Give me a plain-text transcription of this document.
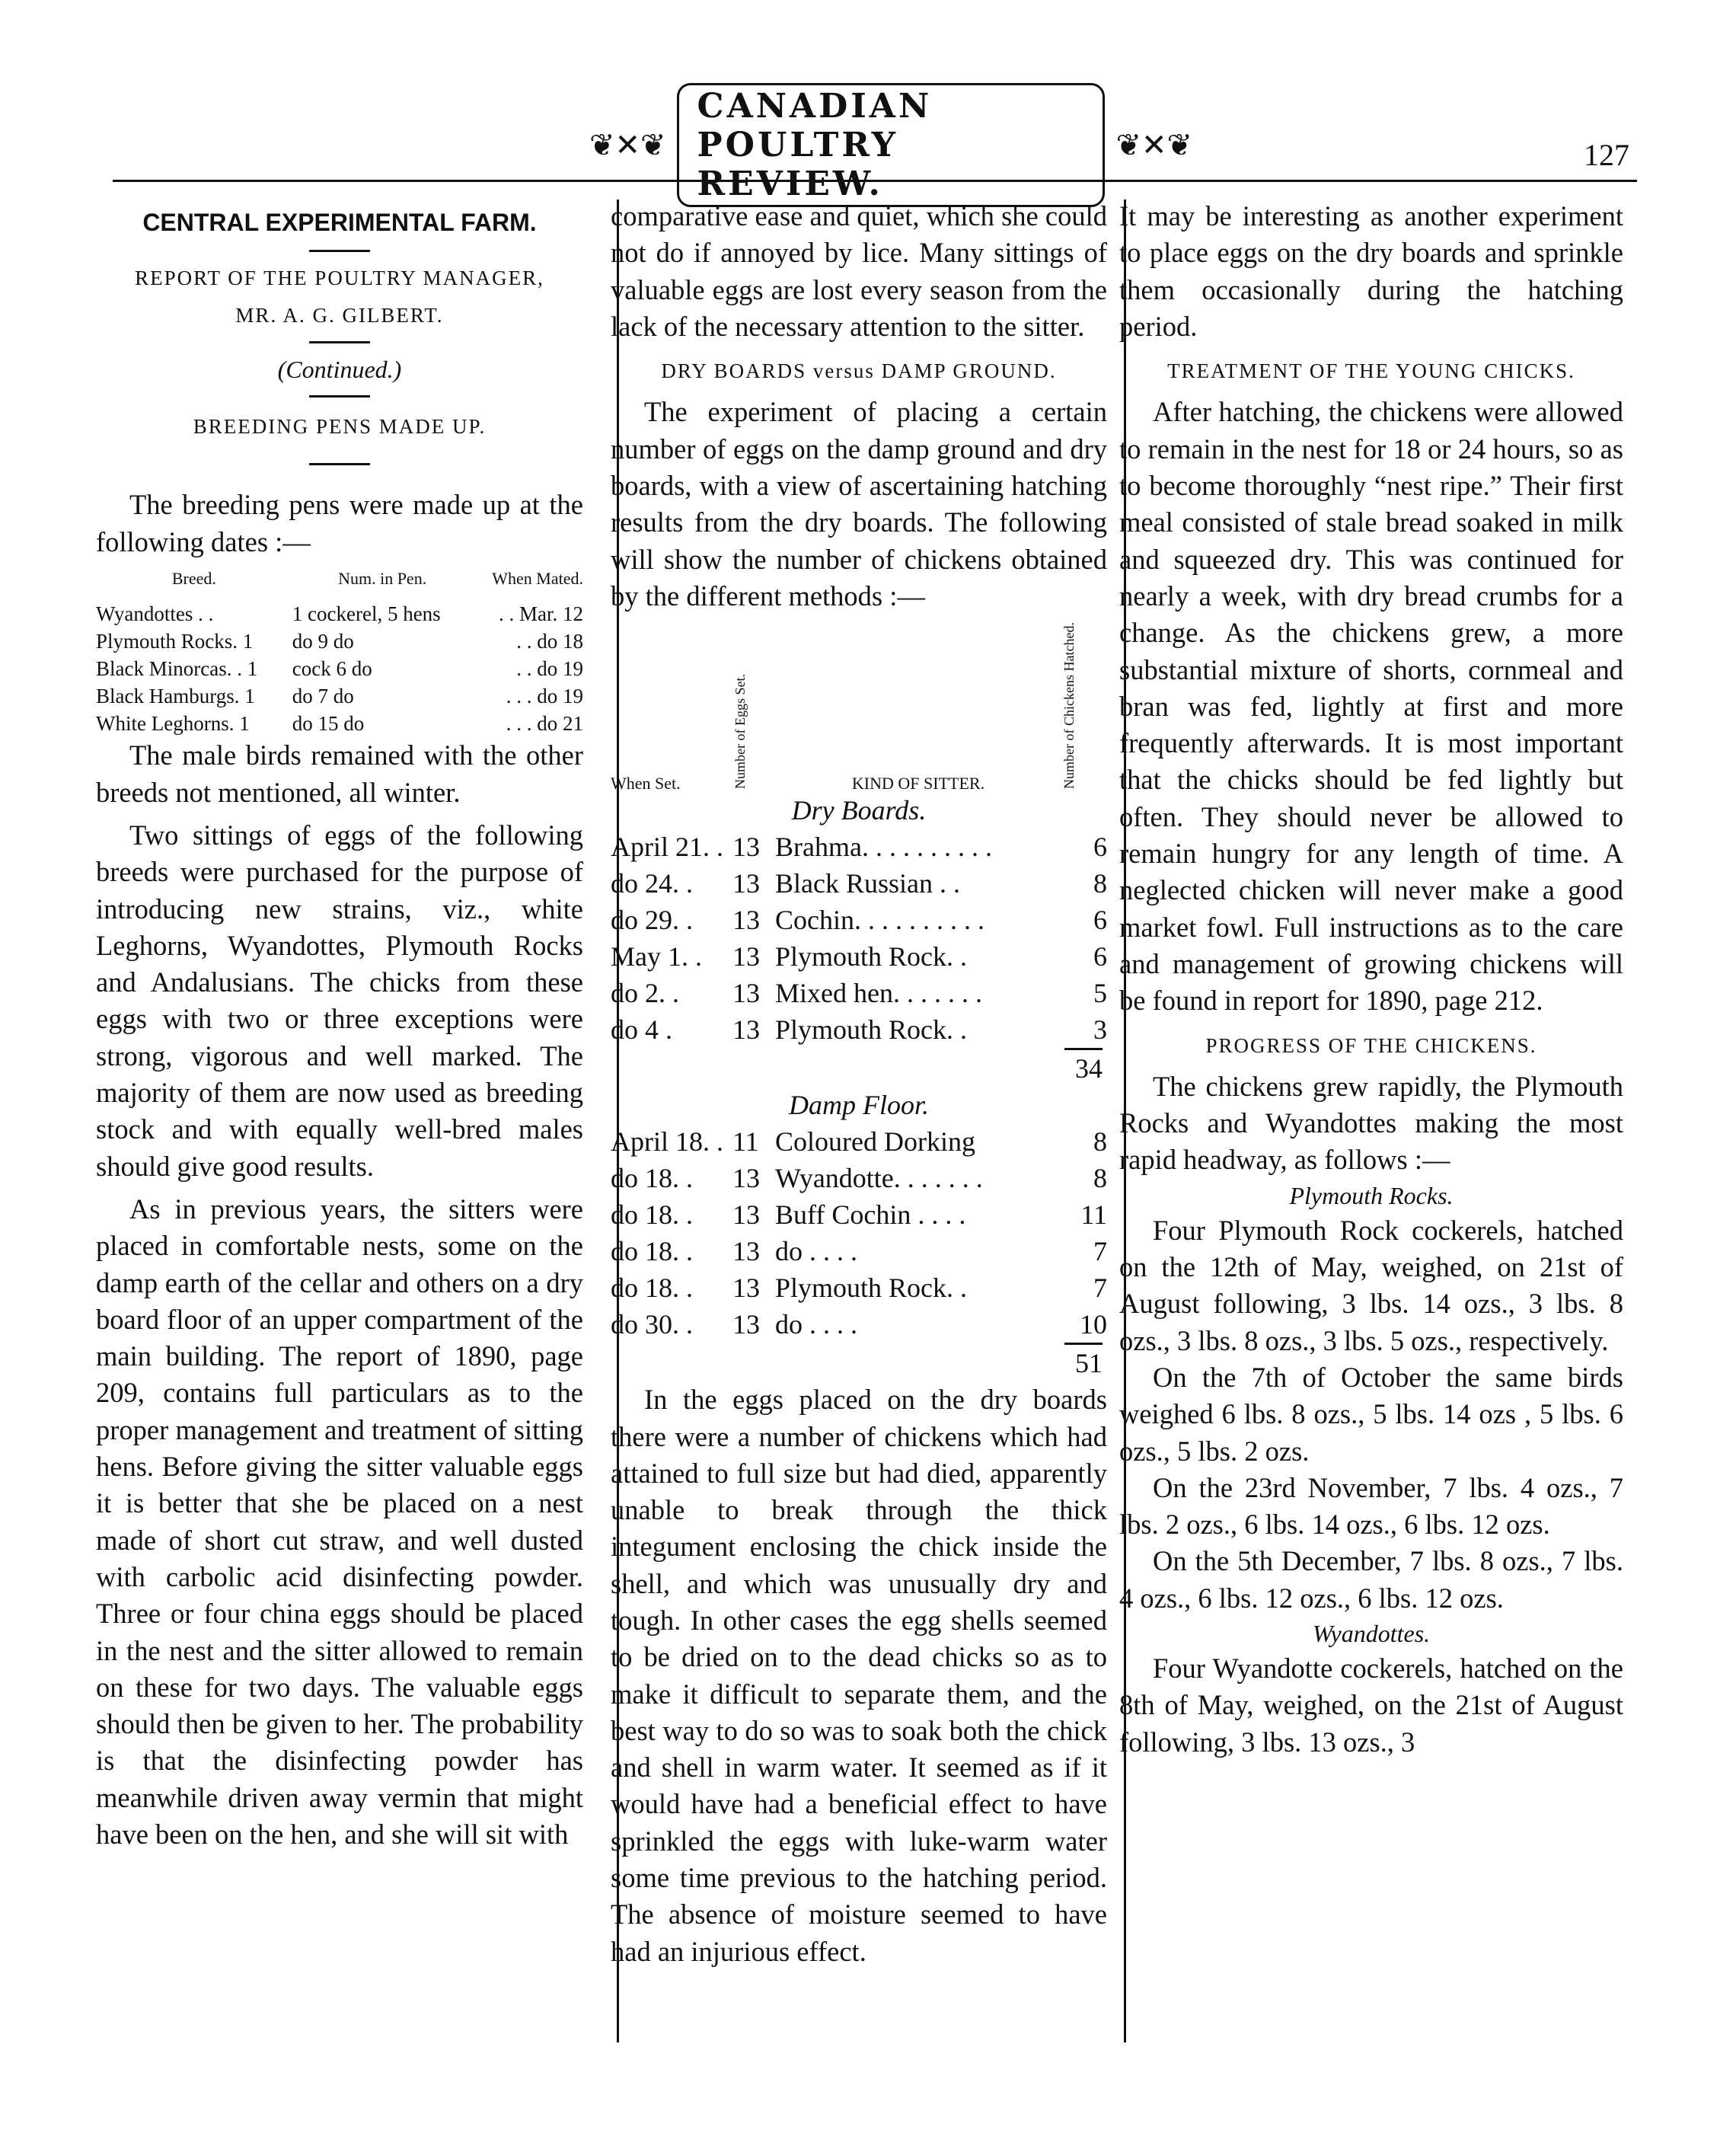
❦✕❦
CANADIAN POULTRY REVIEW.
❦✕❦	127
CENTRAL EXPERIMENTAL FARM.
REPORT OF THE POULTRY MANAGER,
MR. A. G. GILBERT.
(Continued.)
BREEDING PENS MADE UP.

The breeding pens were made up at the following dates :—

Breed.	Num. in Pen.	When Mated.
Wyandottes . .	1 cockerel, 5 hens	. . Mar. 12
Plymouth Rocks. 1	do 9 do	. . do 18
Black Minorcas. . 1	cock 6 do	. . do 19
Black Hamburgs. 1	do 7 do	. . . do 19
White Leghorns. 1	do 15 do	. . . do 21

The male birds remained with the other breeds not mentioned, all winter.

Two sittings of eggs of the following breeds were purchased for the purpose of introducing new strains, viz., white Leghorns, Wyandottes, Plymouth Rocks and Andalusians. The chicks from these eggs with two or three exceptions were strong, vigorous and well marked. The majority of them are now used as breeding stock and with equally well-bred males should give good results.

As in previous years, the sitters were placed in comfortable nests, some on the damp earth of the cellar and others on a dry board floor of an upper compartment of the main building. The report of 1890, page 209, contains full particulars as to the proper management and treatment of sitting hens. Before giving the sitter valuable eggs it is better that she be placed on a nest made of short cut straw, and well dusted with carbolic acid disinfecting powder. Three or four china eggs should be placed in the nest and the sitter allowed to remain on these for two days. The valuable eggs should then be given to her. The probability is that the disinfecting powder has meanwhile driven away vermin that might have been on the hen, and she will sit with

comparative ease and quiet, which she could not do if annoyed by lice. Many sittings of valuable eggs are lost every season from the lack of the necessary attention to the sitter.

DRY BOARDS versus DAMP GROUND.

The experiment of placing a certain number of eggs on the damp ground and dry boards, with a view of ascertaining hatching results from the dry boards. The following will show the number of chickens obtained by the different methods :—

When Set.	Number of Eggs Set.	KIND OF SITTER.	Number of Chickens Hatched.
Dry Boards.			
April 21. .	13	Brahma. . . . . . . . . .	6
do 24. .	13	Black Russian . .	8
do 29. .	13	Cochin. . . . . . . . . .	6
May 1. .	13	Plymouth Rock. .	6
do 2. .	13	Mixed hen. . . . . . .	5
do 4 .	13	Plymouth Rock. .	3

34			
Damp Floor.			
April 18. .	11	Coloured Dorking	8
do 18. .	13	Wyandotte. . . . . . .	8
do 18. .	13	Buff Cochin . . . .	11
do 18. .	13	do . . . .	7
do 18. .	13	Plymouth Rock. .	7
do 30. .	13	do . . . .	10

51			

In the eggs placed on the dry boards there were a number of chickens which had attained to full size but had died, apparently unable to break through the thick integument enclosing the chick inside the shell, and which was unusually dry and tough. In other cases the egg shells seemed to be dried on to the dead chicks so as to make it difficult to separate them, and the best way to do so was to soak both the chick and shell in warm water. It seemed as if it would have had a beneficial effect to have sprinkled the eggs with luke-warm water some time previous to the hatching period. The absence of moisture seemed to have had an injurious effect.

It may be interesting as another experiment to place eggs on the dry boards and sprinkle them occasionally during the hatching period.

TREATMENT OF THE YOUNG CHICKS.

After hatching, the chickens were allowed to remain in the nest for 18 or 24 hours, so as to become thoroughly “nest ripe.” Their first meal consisted of stale bread soaked in milk and squeezed dry. This was continued for nearly a week, with dry bread crumbs for a change. As the chickens grew, a more substantial mixture of shorts, cornmeal and bran was fed, lightly at first and more frequently afterwards. It is most important that the chicks should be fed lightly but often. They should never be allowed to remain hungry for any length of time. A neglected chicken will never make a good market fowl. Full instructions as to the care and management of growing chickens will be found in report for 1890, page 212.

PROGRESS OF THE CHICKENS.

The chickens grew rapidly, the Plymouth Rocks and Wyandottes making the most rapid headway, as follows :—

Plymouth Rocks.

Four Plymouth Rock cockerels, hatched on the 12th of May, weighed, on 21st of August following, 3 lbs. 14 ozs., 3 lbs. 8 ozs., 3 lbs. 8 ozs., 3 lbs. 5 ozs., respectively.

On the 7th of October the same birds weighed 6 lbs. 8 ozs., 5 lbs. 14 ozs , 5 lbs. 6 ozs., 5 lbs. 2 ozs.

On the 23rd November, 7 lbs. 4 ozs., 7 lbs. 2 ozs., 6 lbs. 14 ozs., 6 lbs. 12 ozs.

On the 5th December, 7 lbs. 8 ozs., 7 lbs. 4 ozs., 6 lbs. 12 ozs., 6 lbs. 12 ozs.

Wyandottes.

Four Wyandotte cockerels, hatched on the 8th of May, weighed, on the 21st of August following, 3 lbs. 13 ozs., 3
